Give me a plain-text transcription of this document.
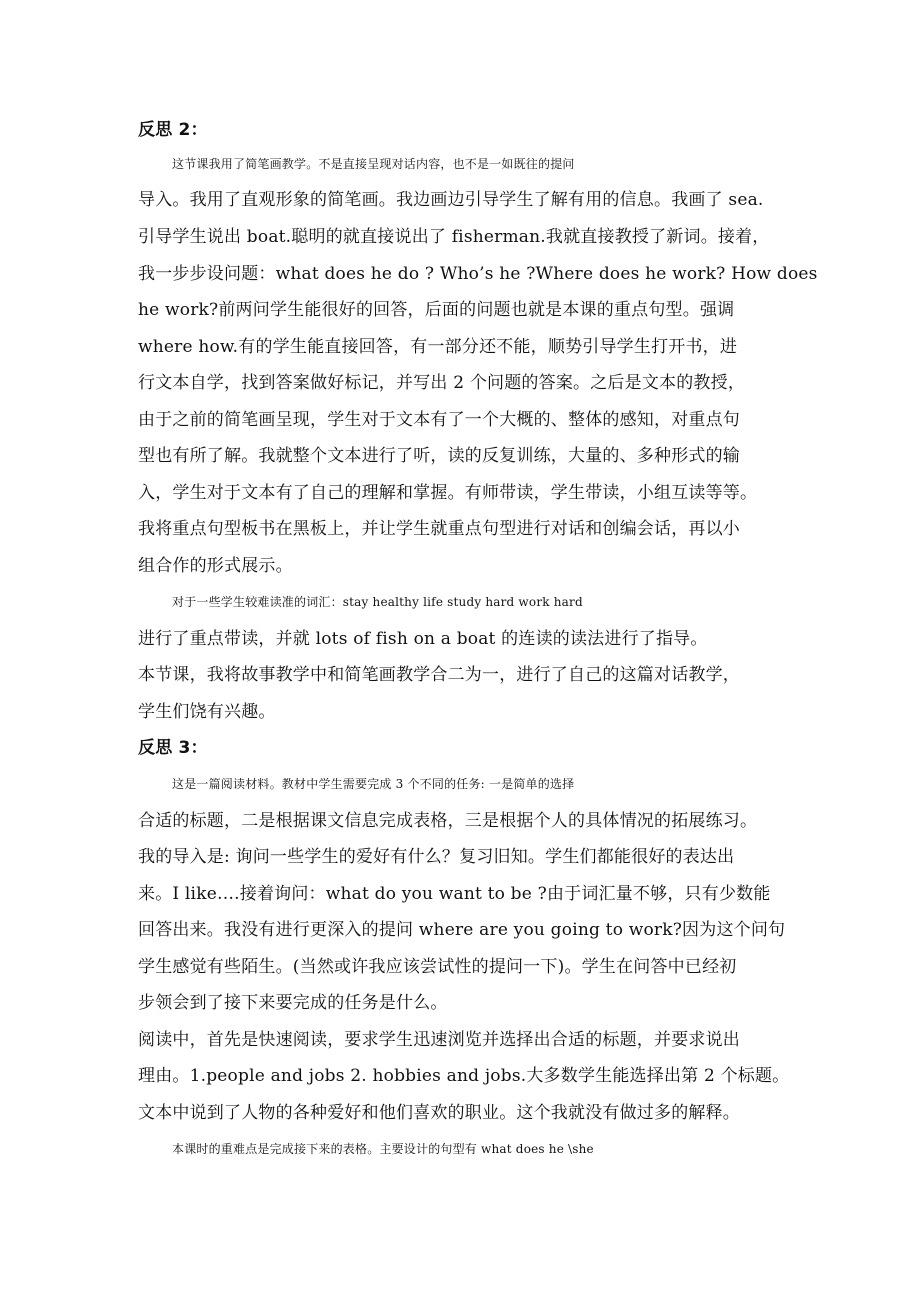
反思 2：
这节课我用了简笔画教学。不是直接呈现对话内容，也不是一如既往的提问
导入。我用了直观形象的简笔画。我边画边引导学生了解有用的信息。我画了 sea.
引导学生说出 boat.聪明的就直接说出了 fisherman.我就直接教授了新词。接着，
我一步步设问题：what does he do ? Who’s he ?Where does he work? How does
he work?前两问学生能很好的回答，后面的问题也就是本课的重点句型。强调
where how.有的学生能直接回答，有一部分还不能，顺势引导学生打开书，进
行文本自学，找到答案做好标记，并写出 2 个问题的答案。之后是文本的教授，
由于之前的简笔画呈现，学生对于文本有了一个大概的、整体的感知，对重点句
型也有所了解。我就整个文本进行了听，读的反复训练，大量的、多种形式的输
入，学生对于文本有了自己的理解和掌握。有师带读，学生带读，小组互读等等。
我将重点句型板书在黑板上，并让学生就重点句型进行对话和创编会话，再以小
组合作的形式展示。
对于一些学生较难读准的词汇：stay healthy life study hard work hard
进行了重点带读，并就 lots of fish on a boat 的连读的读法进行了指导。
本节课，我将故事教学中和简笔画教学合二为一，进行了自己的这篇对话教学，
学生们饶有兴趣。
反思 3：
这是一篇阅读材料。教材中学生需要完成 3 个不同的任务: 一是简单的选择
合适的标题，二是根据课文信息完成表格，三是根据个人的具体情况的拓展练习。
我的导入是: 询问一些学生的爱好有什么？复习旧知。学生们都能很好的表达出
来。I like….接着询问：what do you want to be ?由于词汇量不够，只有少数能
回答出来。我没有进行更深入的提问 where are you going to work?因为这个问句
学生感觉有些陌生。(当然或许我应该尝试性的提问一下)。学生在问答中已经初
步领会到了接下来要完成的任务是什么。
阅读中，首先是快速阅读，要求学生迅速浏览并选择出合适的标题，并要求说出
理由。1.people and jobs 2. hobbies and jobs.大多数学生能选择出第 2 个标题。
文本中说到了人物的各种爱好和他们喜欢的职业。这个我就没有做过多的解释。
本课时的重难点是完成接下来的表格。主要设计的句型有 what does he \she
